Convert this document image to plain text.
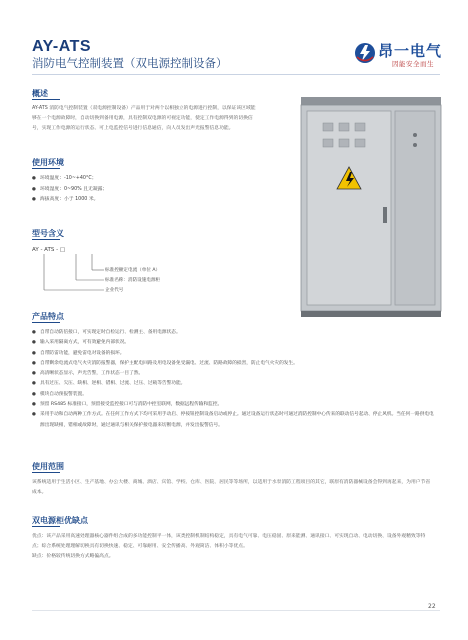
AY-ATS
消防电气控制装置（双电源控制设备）
昂一电气
因能安全而生
概述
AY-ATS 消防电气控制装置（双电源控制设备）产品用于对两个以相独立的电源进行控制，以保证该区域能够在一个电源故障时，自动切换到备用电源，具有控制双电源的可视定功能，使定工作电源得到的切换信号，实现工作电源的运行状态、可上电监控信号进行信息通信，向人员发出声光报警信息功能。
使用环境
● 环境温度：-10~+40°C；
● 环境湿度：0~90% 且无凝露；
● 海拔高度：小于 1000 米。
型号含义
AY - ATS - □
标准控额定电流（单位 A）
标准名称：消防设施电源柜
企业代号
产品特点
● 自带自动防倍接口，可实现定时自检运行、检测主、备用电源状态。
● 输入采用隔离方式，可有效避免内部状况。
● 自带防雷功能，避免雷电对设备的损坏。
● 自带剩余电流式电气火灾消防报警器，保护主配电回路及用电设备免受漏电、过流、防路故障的损害，防止电气火灾的发生。
● 高清晰状态显示，声光告警，工作状态一目了然。
● 具有过压、欠压、缺相、逆相、错相、过流、过压、过载等告警功能。
● 模块自动预报警装置。
● 预留 RS485 标准接口，预留接受监控接口可与消防中控室联网，数据远程传输和监控。
● 采用手动和自动两种工作方式。在任何工作方式下均可采用手动启、停按钮控制设备启动或停止。通过设备运行状态时可通过消防控制中心传来的联动信号起动、停止风机。当任何一路供电电源出现缺相，错相或故障时，通过通讯与相关保护接电器来切断电源，并发出报警信号。
使用范围
该系统适用于生活小区、生产基地、办公大楼、商城、酒店、宾馆、学校、仓库、医院、居民等等场所，以适用于水泵消防工程项目的其它，联原有消防器械设备会得到再起来，为用户节省成本。
双电源柜优缺点
优点：该产品采用高速处理器核心器件组合成的多功能控制平一体，该类控制机制结构稳定，具有电气可靠、电压稳固、原来能测、通讯接口、可实现自动、电动切换、设备外观精致等特点；综合系统处理理解切换具有切换快速、稳定、可靠耐用、安全传播高、外观简洁、体积小等优点。
缺点：价格较传统切换方式略偏高点。
22
